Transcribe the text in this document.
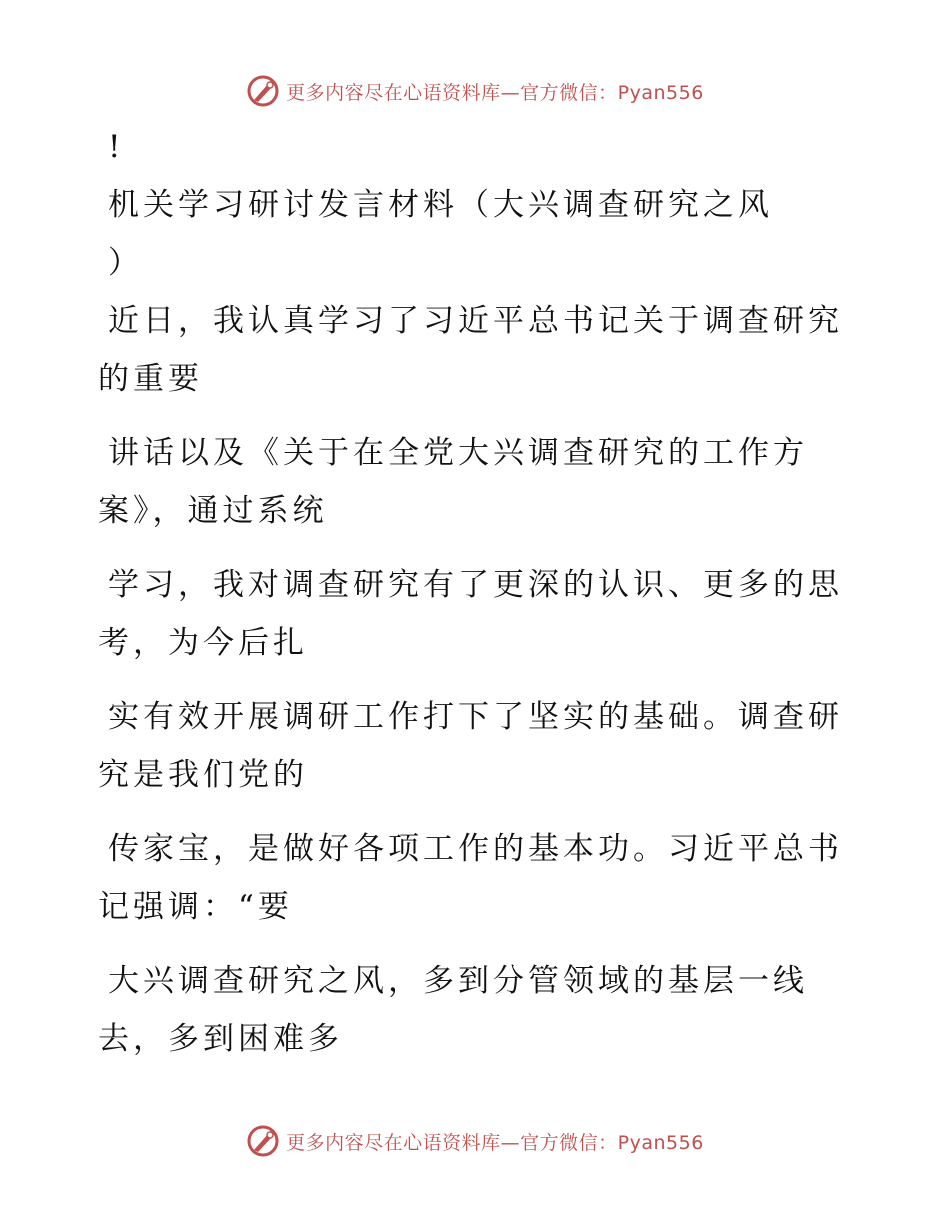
更多内容尽在心语资料库—官方微信：Pyan556
!
机关学习研讨发言材料（大兴调查研究之风
）
近日，我认真学习了习近平总书记关于调查研究
的重要
讲话以及《关于在全党大兴调查研究的工作方
案》，通过系统
学习，我对调查研究有了更深的认识、更多的思
考，为今后扎
实有效开展调研工作打下了坚实的基础。调查研
究是我们党的
传家宝，是做好各项工作的基本功。习近平总书
记强调：“要
大兴调查研究之风，多到分管领域的基层一线
去，多到困难多
更多内容尽在心语资料库—官方微信：Pyan556
